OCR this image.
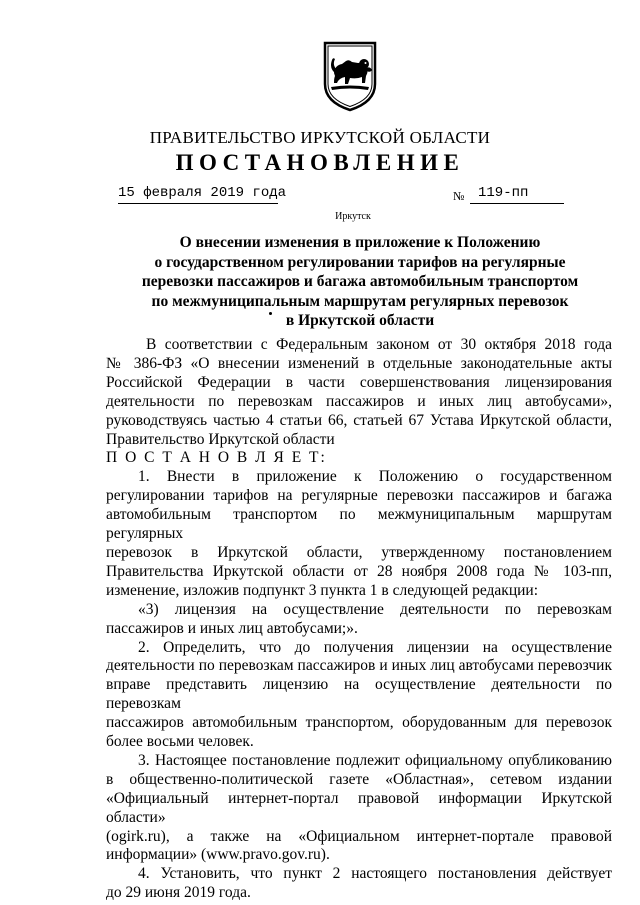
ПРАВИТЕЛЬСТВО ИРКУТСКОЙ ОБЛАСТИ
ПОСТАНОВЛЕНИЕ
15 февраля 2019 года	№ 119-пп
Иркутск
О внесении изменения в приложение к Положению
о государственном регулировании тарифов на регулярные
перевозки пассажиров и багажа автомобильным транспортом
по межмуниципальным маршрутам регулярных перевозок
в Иркутской области

В соответствии с Федеральным законом от 30 октября 2018 года

№ 386-ФЗ «О внесении изменений в отдельные законодательные акты

Российской Федерации в части совершенствования лицензирования

деятельности по перевозкам пассажиров и иных лиц автобусами»,

руководствуясь частью 4 статьи 66, статьей 67 Устава Иркутской области,

Правительство Иркутской области

П О С Т А Н О В Л Я Е Т:

1. Внести в приложение к Положению о государственном

регулировании тарифов на регулярные перевозки пассажиров и багажа

автомобильным транспортом по межмуниципальным маршрутам регулярных

перевозок в Иркутской области, утвержденному постановлением

Правительства Иркутской области от 28 ноября 2008 года № 103-пп,

изменение, изложив подпункт 3 пункта 1 в следующей редакции:

«3) лицензия на осуществление деятельности по перевозкам

пассажиров и иных лиц автобусами;».

2. Определить, что до получения лицензии на осуществление

деятельности по перевозкам пассажиров и иных лиц автобусами перевозчик

вправе представить лицензию на осуществление деятельности по перевозкам

пассажиров автомобильным транспортом, оборудованным для перевозок

более восьми человек.

3. Настоящее постановление подлежит официальному опубликованию

в общественно-политической газете «Областная», сетевом издании

«Официальный интернет-портал правовой информации Иркутской области»

(ogirk.ru), а также на «Официальном интернет-портале правовой

информации» (www.pravo.gov.ru).

4. Установить, что пункт 2 настоящего постановления действует

до 29 июня 2019 года.
